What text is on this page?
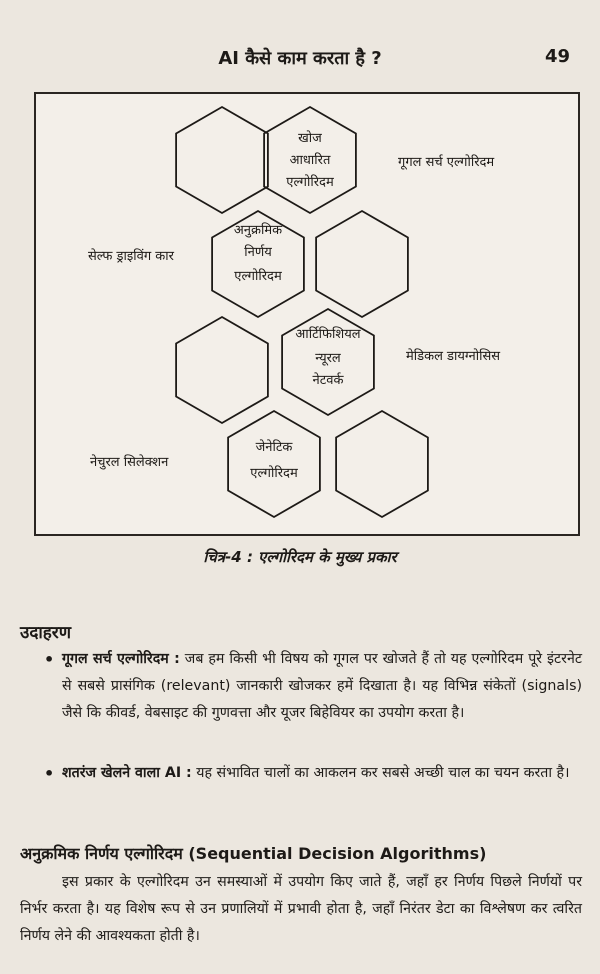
AI कैसे काम करता है ?	49
खोज
आधारित
एल्गोरिदम
अनुक्रमिक
निर्णय
एल्गोरिदम
आर्टिफिशियल
न्यूरल
नेटवर्क
जेनेटिक
एल्गोरिदम
गूगल सर्च एल्गोरिदम
सेल्फ ड्राइविंग कार
मेडिकल डायग्नोसिस
नेचुरल सिलेक्शन
चित्र-4 : एल्गोरिदम के मुख्य प्रकार
उदाहरण
• गूगल सर्च एल्गोरिदम : जब हम किसी भी विषय को गूगल पर खोजते हैं तो यह एल्गोरिदम पूरे इंटरनेट से सबसे प्रासंगिक (relevant) जानकारी खोजकर हमें दिखाता है। यह विभिन्न संकेतों (signals) जैसे कि कीवर्ड, वेबसाइट की गुणवत्ता और यूजर बिहेवियर का उपयोग करता है।
• शतरंज खेलने वाला AI : यह संभावित चालों का आकलन कर सबसे अच्छी चाल का चयन करता है।
अनुक्रमिक निर्णय एल्गोरिदम (Sequential Decision Algorithms)
इस प्रकार के एल्गोरिदम उन समस्याओं में उपयोग किए जाते हैं, जहाँ हर निर्णय पिछले निर्णयों पर निर्भर करता है। यह विशेष रूप से उन प्रणालियों में प्रभावी होता है, जहाँ निरंतर डेटा का विश्लेषण कर त्वरित निर्णय लेने की आवश्यकता होती है।
